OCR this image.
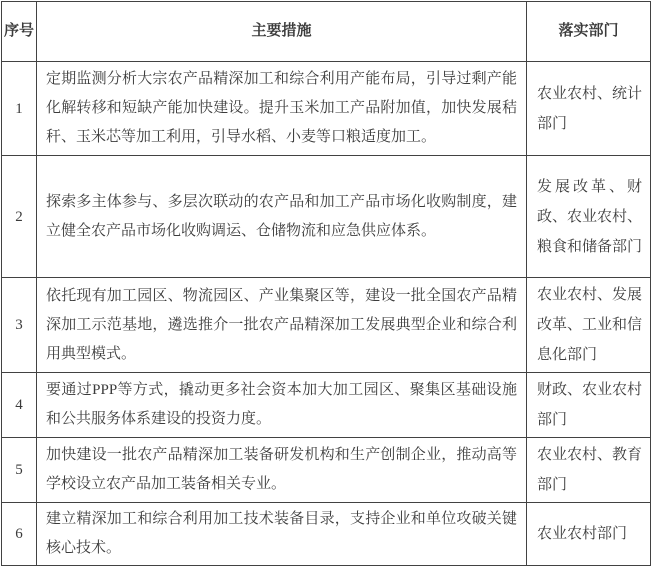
序号	主要措施	落实部门
1	定期监测分析大宗农产品精深加工和综合利用产能布局，引导过剩产能化解转移和短缺产能加快建设。提升玉米加工产品附加值，加快发展秸秆、玉米芯等加工利用，引导水稻、小麦等口粮适度加工。	农业农村、统计部门
2	探索多主体参与、多层次联动的农产品和加工产品市场化收购制度，建立健全农产品市场化收购调运、仓储物流和应急供应体系。	发展改革、财政、农业农村、粮食和储备部门
3	依托现有加工园区、物流园区、产业集聚区等，建设一批全国农产品精深加工示范基地，遴选推介一批农产品精深加工发展典型企业和综合利用典型模式。	农业农村、发展改革、工业和信息化部门
4	要通过PPP等方式，撬动更多社会资本加大加工园区、聚集区基础设施和公共服务体系建设的投资力度。	财政、农业农村部门
5	加快建设一批农产品精深加工装备研发机构和生产创制企业，推动高等学校设立农产品加工装备相关专业。	农业农村、教育部门
6	建立精深加工和综合利用加工技术装备目录，支持企业和单位攻破关键核心技术。	农业农村部门
